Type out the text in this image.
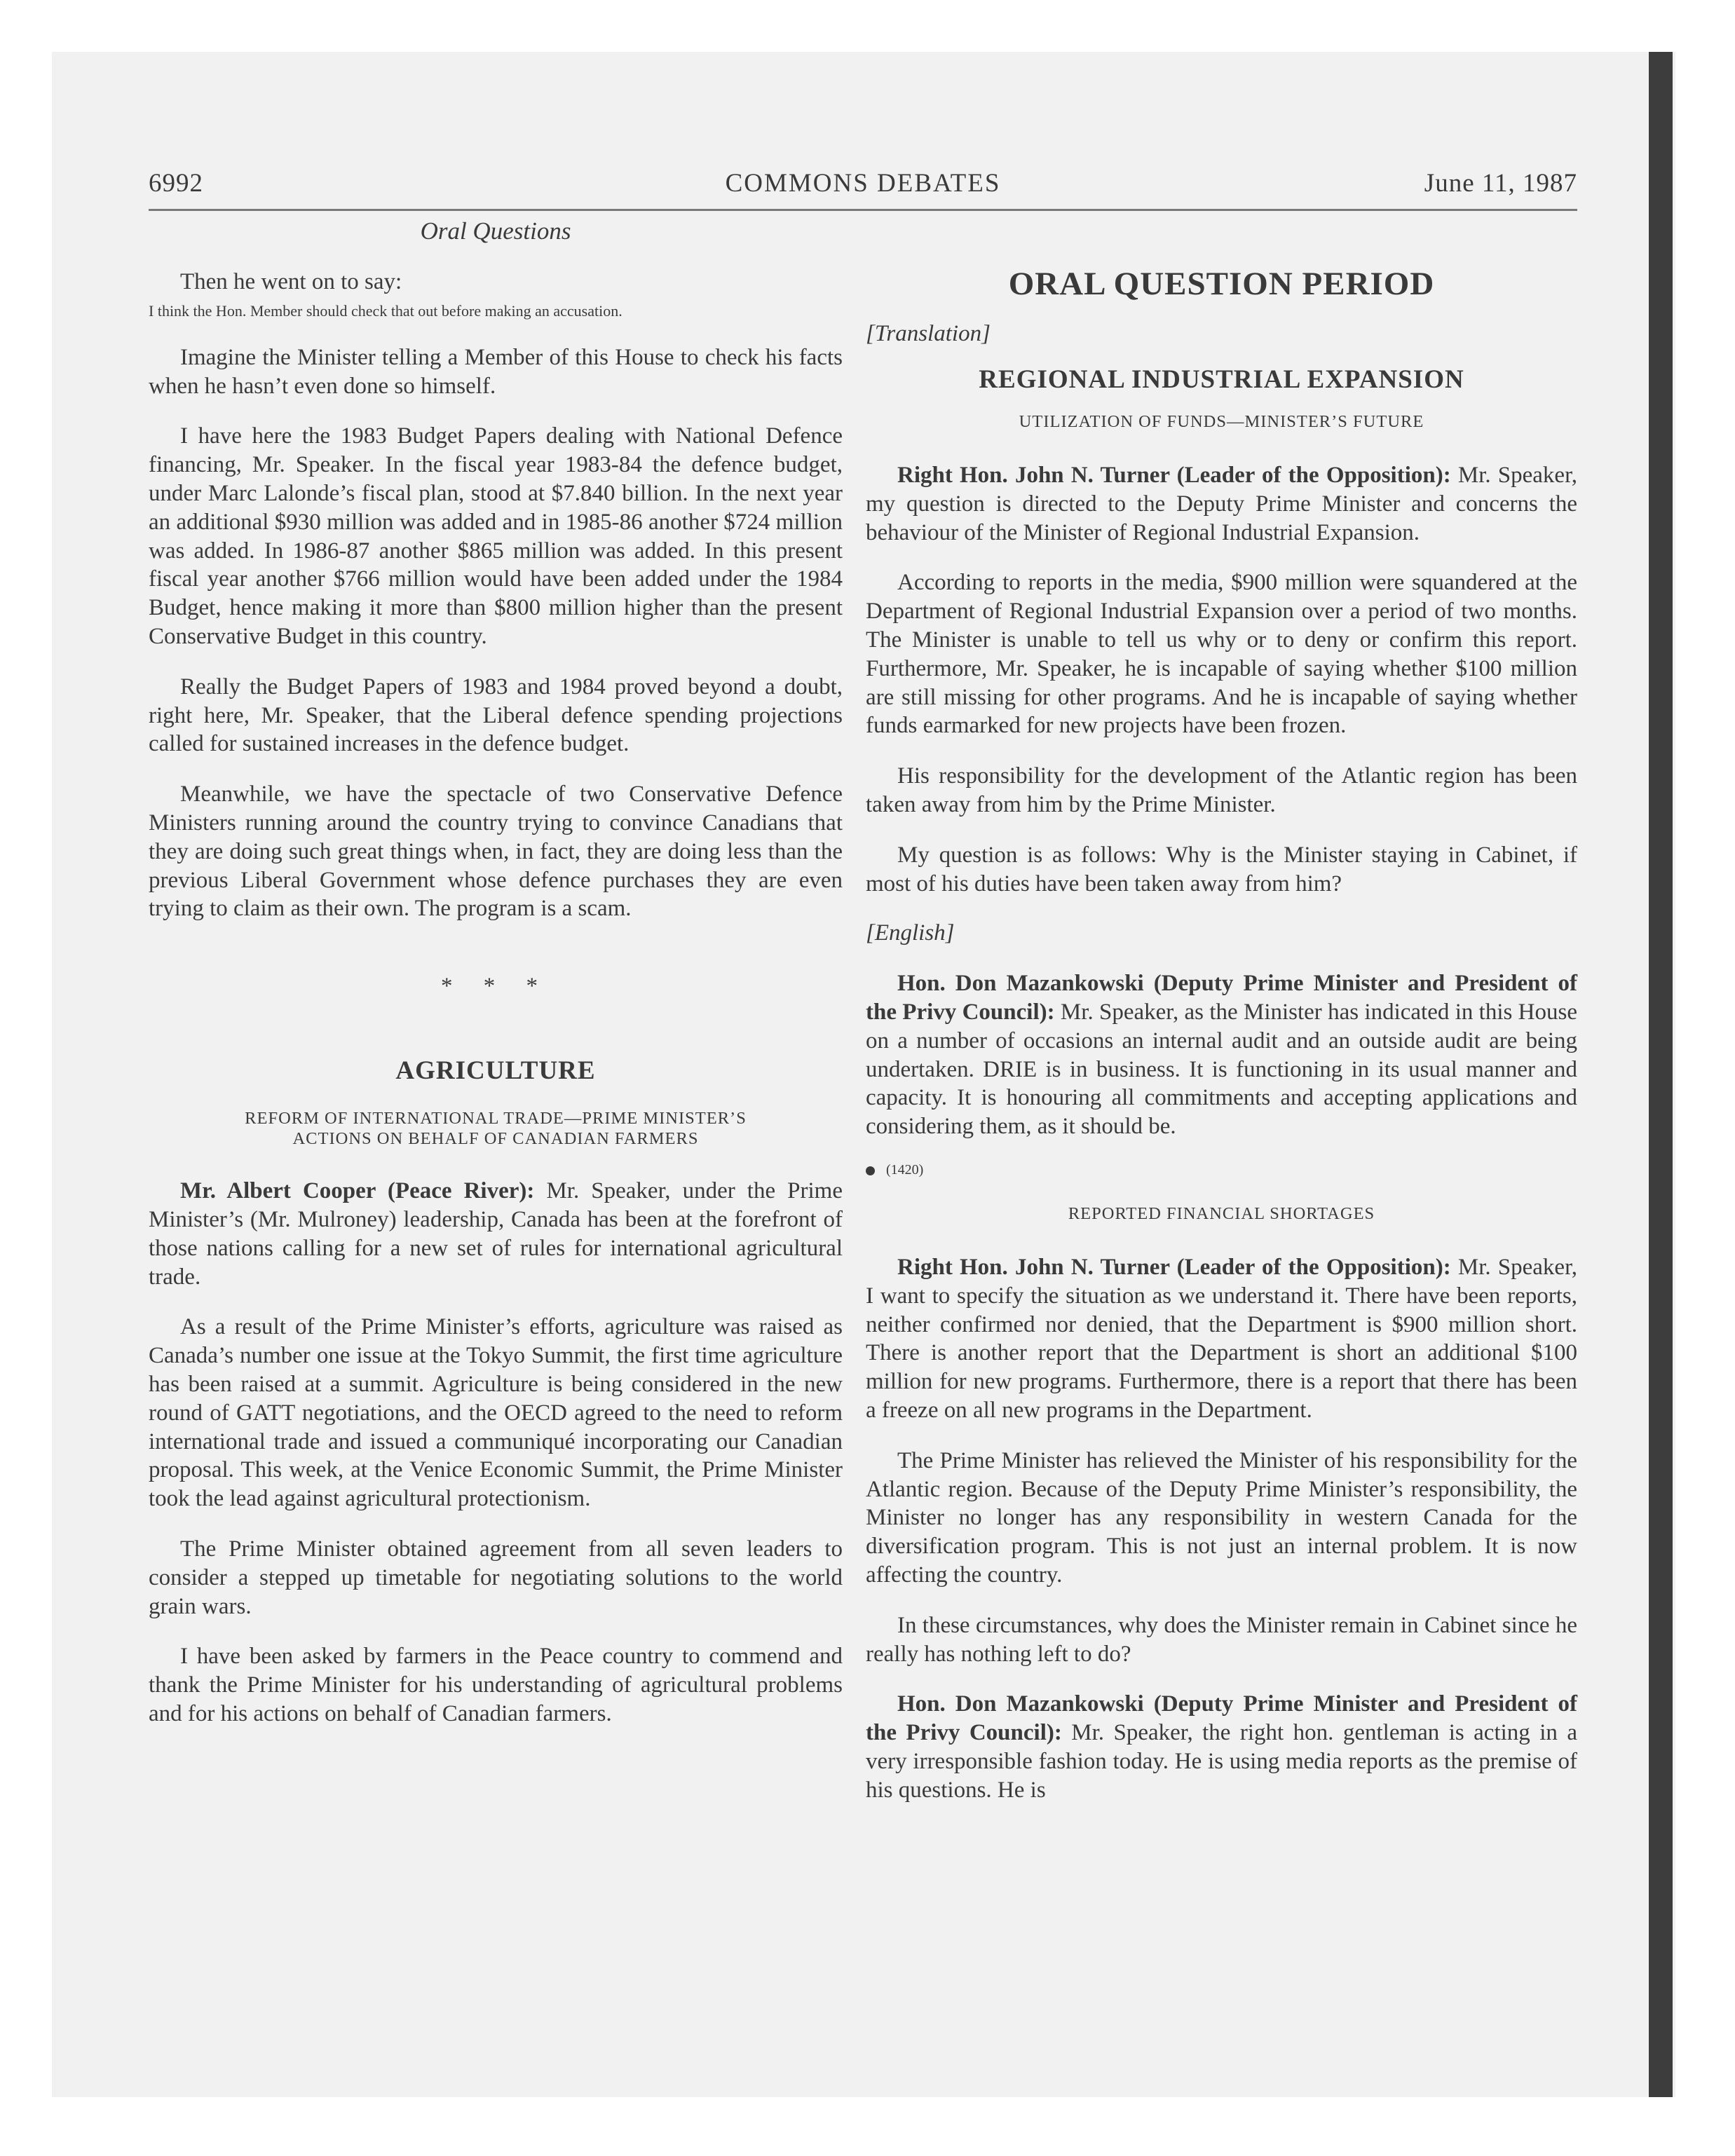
6992	COMMONS DEBATES	June 11, 1987
Oral Questions

Then he went on to say:

I think the Hon. Member should check that out before making an accusation.

Imagine the Minister telling a Member of this House to check his facts when he hasn’t even done so himself.

I have here the 1983 Budget Papers dealing with National Defence financing, Mr. Speaker. In the fiscal year 1983-84 the defence budget, under Marc Lalonde’s fiscal plan, stood at $7.840 billion. In the next year an additional $930 million was added and in 1985-86 another $724 million was added. In 1986-87 another $865 million was added. In this present fiscal year another $766 million would have been added under the 1984 Budget, hence making it more than $800 million higher than the present Conservative Budget in this country.

Really the Budget Papers of 1983 and 1984 proved beyond a doubt, right here, Mr. Speaker, that the Liberal defence spending projections called for sustained increases in the defence budget.

Meanwhile, we have the spectacle of two Conservative Defence Ministers running around the country trying to convince Canadians that they are doing such great things when, in fact, they are doing less than the previous Liberal Government whose defence purchases they are even trying to claim as their own. The program is a scam.

* * *
AGRICULTURE
REFORM OF INTERNATIONAL TRADE—PRIME MINISTER’S
ACTIONS ON BEHALF OF CANADIAN FARMERS

Mr. Albert Cooper (Peace River): Mr. Speaker, under the Prime Minister’s (Mr. Mulroney) leadership, Canada has been at the forefront of those nations calling for a new set of rules for international agricultural trade.

As a result of the Prime Minister’s efforts, agriculture was raised as Canada’s number one issue at the Tokyo Summit, the first time agriculture has been raised at a summit. Agriculture is being considered in the new round of GATT negotiations, and the OECD agreed to the need to reform international trade and issued a communiqué incorporating our Canadian proposal. This week, at the Venice Economic Summit, the Prime Minister took the lead against agricultural protectionism.

The Prime Minister obtained agreement from all seven leaders to consider a stepped up timetable for negotiating solutions to the world grain wars.

I have been asked by farmers in the Peace country to commend and thank the Prime Minister for his understanding of agricultural problems and for his actions on behalf of Canadian farmers.

ORAL QUESTION PERIOD

[Translation]

REGIONAL INDUSTRIAL EXPANSION
UTILIZATION OF FUNDS—MINISTER’S FUTURE

Right Hon. John N. Turner (Leader of the Opposition): Mr. Speaker, my question is directed to the Deputy Prime Minister and concerns the behaviour of the Minister of Regional Industrial Expansion.

According to reports in the media, $900 million were squandered at the Department of Regional Industrial Expansion over a period of two months. The Minister is unable to tell us why or to deny or confirm this report. Furthermore, Mr. Speaker, he is incapable of saying whether $100 million are still missing for other programs. And he is incapable of saying whether funds earmarked for new projects have been frozen.

His responsibility for the development of the Atlantic region has been taken away from him by the Prime Minister.

My question is as follows: Why is the Minister staying in Cabinet, if most of his duties have been taken away from him?

[English]

Hon. Don Mazankowski (Deputy Prime Minister and President of the Privy Council): Mr. Speaker, as the Minister has indicated in this House on a number of occasions an internal audit and an outside audit are being undertaken. DRIE is in business. It is functioning in its usual manner and capacity. It is honouring all commitments and accepting applications and considering them, as it should be.

(1420)
REPORTED FINANCIAL SHORTAGES

Right Hon. John N. Turner (Leader of the Opposition): Mr. Speaker, I want to specify the situation as we understand it. There have been reports, neither confirmed nor denied, that the Department is $900 million short. There is another report that the Department is short an additional $100 million for new programs. Furthermore, there is a report that there has been a freeze on all new programs in the Department.

The Prime Minister has relieved the Minister of his responsibility for the Atlantic region. Because of the Deputy Prime Minister’s responsibility, the Minister no longer has any responsibility in western Canada for the diversification program. This is not just an internal problem. It is now affecting the country.

In these circumstances, why does the Minister remain in Cabinet since he really has nothing left to do?

Hon. Don Mazankowski (Deputy Prime Minister and President of the Privy Council): Mr. Speaker, the right hon. gentleman is acting in a very irresponsible fashion today. He is using media reports as the premise of his questions. He is
